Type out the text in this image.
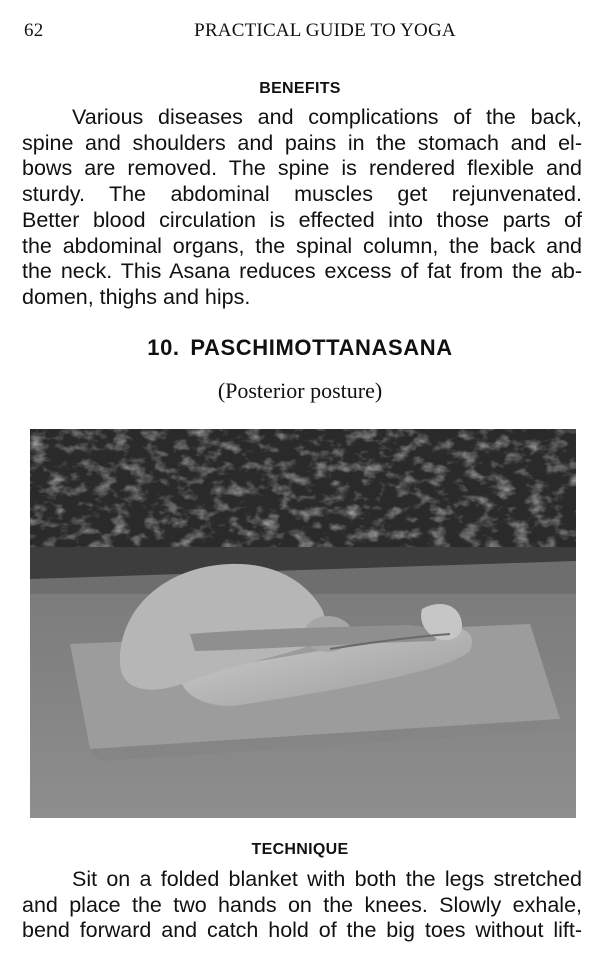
62	PRACTICAL GUIDE TO YOGA
BENEFITS

Various diseases and complications of the back,
spine and shoulders and pains in the stomach and el-
bows are removed. The spine is rendered flexible and
sturdy. The abdominal muscles get rejunvenated.
Better blood circulation is effected into those parts of
the abdominal organs, the spinal column, the back and
the neck. This Asana reduces excess of fat from the ab-
domen, thighs and hips.

10. PASCHIMOTTANASANA
(Posterior posture)
TECHNIQUE

Sit on a folded blanket with both the legs stretched
and place the two hands on the knees. Slowly exhale,
bend forward and catch hold of the big toes without lift-
